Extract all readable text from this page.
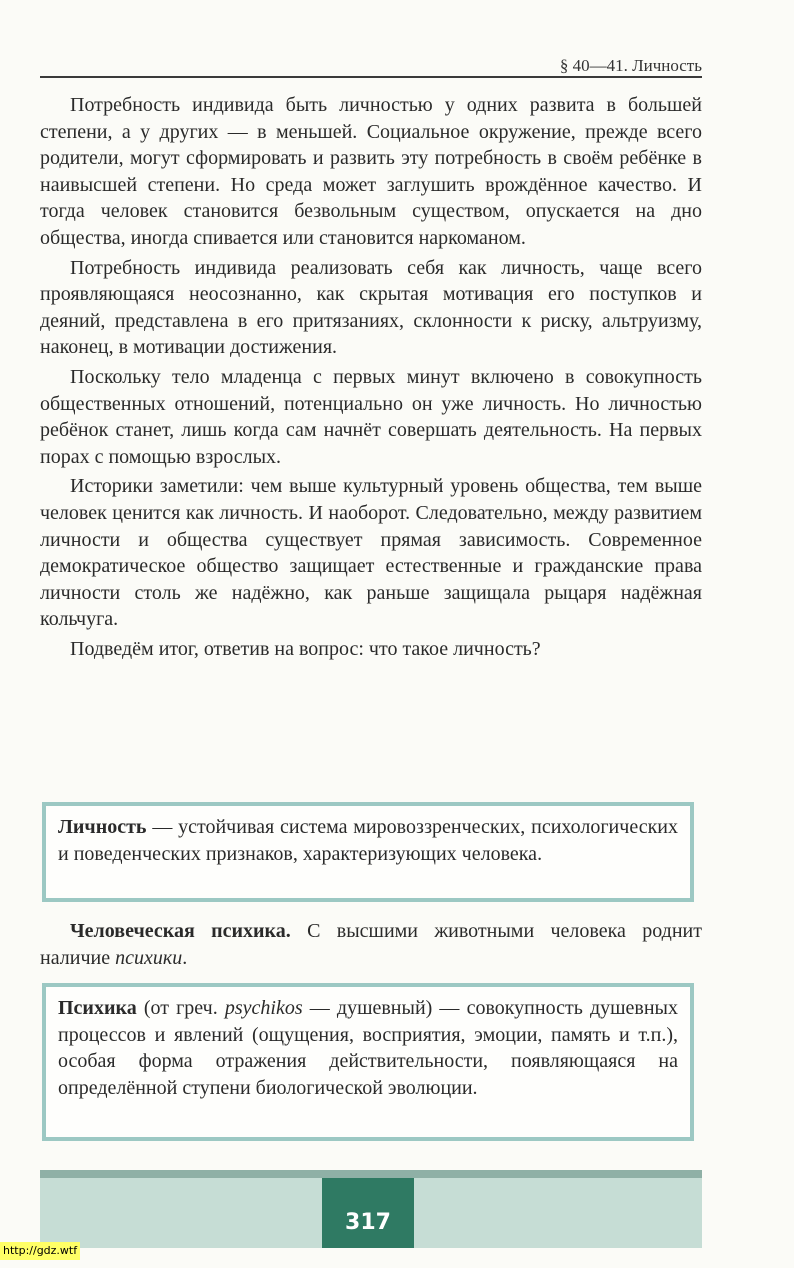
§ 40—41. Личность

Потребность индивида быть личностью у одних развита в большей степени, а у других — в меньшей. Социальное окружение, прежде всего родители, могут сформировать и развить эту потребность в своём ребёнке в наивысшей степени. Но среда может заглушить врождённое качество. И тогда человек становится безвольным существом, опускается на дно общества, иногда спивается или становится наркоманом.

Потребность индивида реализовать себя как личность, чаще всего проявляющаяся неосознанно, как скрытая мотивация его поступков и деяний, представлена в его притязаниях, склонности к риску, альтруизму, наконец, в мотивации достижения.

Поскольку тело младенца с первых минут включено в совокупность общественных отношений, потенциально он уже личность. Но личностью ребёнок станет, лишь когда сам начнёт совершать деятельность. На первых порах с помощью взрослых.

Историки заметили: чем выше культурный уровень общества, тем выше человек ценится как личность. И наоборот. Следовательно, между развитием личности и общества существует прямая зависимость. Современное демократическое общество защищает естественные и гражданские права личности столь же надёжно, как раньше защищала рыцаря надёжная кольчуга.

Подведём итог, ответив на вопрос: что такое личность?

Личность — устойчивая система мировоззренческих, психологических и поведенческих признаков, характеризующих человека.

Человеческая психика. С высшими животными человека роднит наличие психики.

Психика (от греч. psychikos — душевный) — совокупность душевных процессов и явлений (ощущения, восприятия, эмоции, память и т.п.), особая форма отражения действительности, появляющаяся на определённой ступени биологической эволюции.

317
http://gdz.wtf
